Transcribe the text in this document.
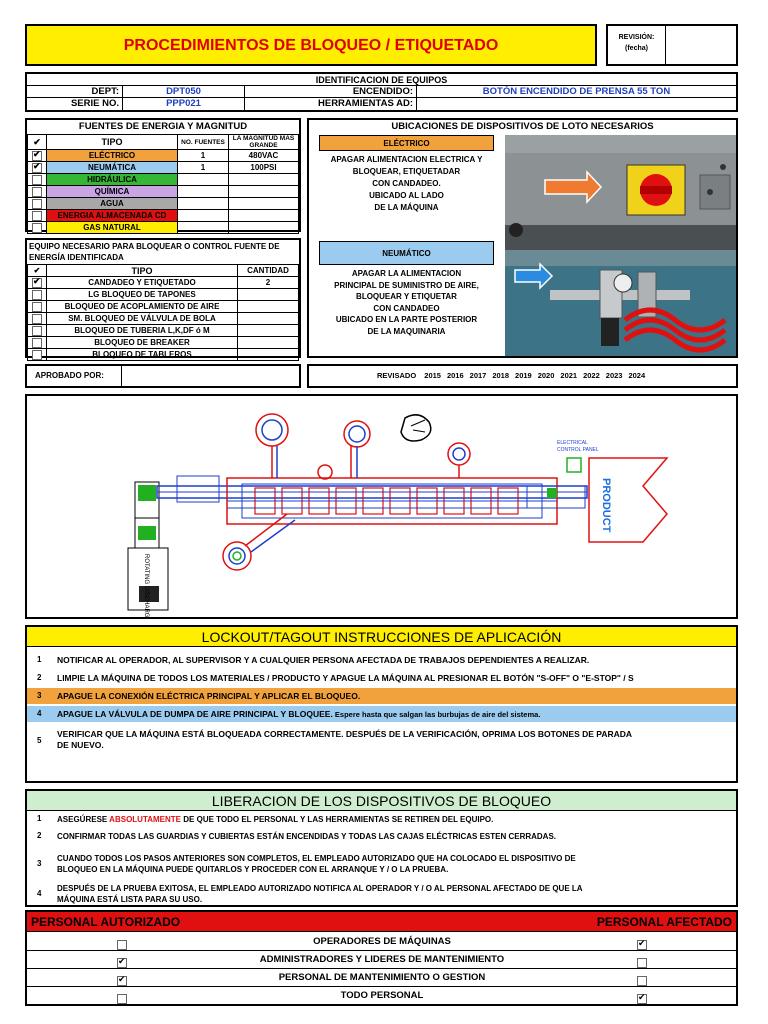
PROCEDIMIENTOS DE BLOQUEO / ETIQUETADO	REVISIÓN:
(fecha)
IDENTIFICACION DE EQUIPOS
DEPT:	DPT050	ENCENDIDO:	BOTÓN ENCENDIDO DE PRENSA 55 TON
SERIE NO.	PPP021	HERRAMIENTAS AD:
FUENTES DE ENERGIA Y MAGNITUD
✔	TIPO	NO. FUENTES	LA MAGNITUD MAS GRANDE

✔	ELÉCTRICO	1	480VAC

✔	NEUMÁTICA	1	100PSI
	HIDRÁULICA		
	QUÍMICA		
	AGUA		
	ENERGIA ALMACENADA CD		
	GAS NATURAL		
EQUIPO NECESARIO PARA BLOQUEAR O CONTROL FUENTE DE ENERGÍA IDENTIFICADA
✔	TIPO	CANTIDAD

✔	CANDADEO Y ETIQUETADO	2
	LG BLOQUEO DE TAPONES	
	BLOQUEO DE ACOPLAMIENTO DE AIRE	
	SM. BLOQUEO DE VÁLVULA DE BOLA	
	BLOQUEO DE TUBERIA L,K,DF ó M	
	BLOQUEO DE BREAKER	
	BLOQUEO DE TABLEROS	
UBICACIONES DE DISPOSITIVOS DE LOTO NECESARIOS
ELÉCTRICO
APAGAR ALIMENTACION ELECTRICA Y
BLOQUEAR, ETIQUETADAR
CON CANDADEO.
UBICADO AL LADO
DE LA MÁQUINA
NEUMÁTICO
APAGAR LA ALIMENTACION
PRINCIPAL DE SUMINISTRO DE AIRE,
BLOQUEAR Y ETIQUETAR
CON CANDADEO
UBICADO EN LA PARTE POSTERIOR
DE LA MAQUINARIA
APROBADO POR:	REVISADO 2015 2016 2017 2018 2019 2020 2021 2022 2023 2024
ROTATING DISCHARGE
ELECTRICAL
CONTROL PANEL
PRODUCT
LOCKOUT/TAGOUT INSTRUCCIONES DE APLICACIÓN
1 NOTIFICAR AL OPERADOR, AL SUPERVISOR Y A CUALQUIER PERSONA AFECTADA DE TRABAJOS DEPENDIENTES A REALIZAR.
2 LIMPIE LA MÁQUINA DE TODOS LOS MATERIALES / PRODUCTO Y APAGUE LA MÁQUINA AL PRESIONAR EL BOTÓN "S-OFF" O "E-STOP" / S
3 APAGUE LA CONEXIÓN ELÉCTRICA PRINCIPAL Y APLICAR EL BLOQUEO.
4 APAGUE LA VÁLVULA DE DUMPA DE AIRE PRINCIPAL Y BLOQUEE. Espere hasta que salgan las burbujas de aire del sistema.
5
VERIFICAR QUE LA MÁQUINA ESTÁ BLOQUEADA CORRECTAMENTE. DESPUÉS DE LA VERIFICACIÓN, OPRIMA LOS BOTONES DE PARADA
DE NUEVO.
LIBERACION DE LOS DISPOSITIVOS DE BLOQUEO
1 ASEGÚRESE ABSOLUTAMENTE DE QUE TODO EL PERSONAL Y LAS HERRAMIENTAS SE RETIREN DEL EQUIPO.
2 CONFIRMAR TODAS LAS GUARDIAS Y CUBIERTAS ESTÁN ENCENDIDAS Y TODAS LAS CAJAS ELÉCTRICAS ESTEN CERRADAS.
3
CUANDO TODOS LOS PASOS ANTERIORES SON COMPLETOS, EL EMPLEADO AUTORIZADO QUE HA COLOCADO EL DISPOSITIVO DE
BLOQUEO EN LA MÁQUINA PUEDE QUITARLOS Y PROCEDER CON EL ARRANQUE Y / O LA PRUEBA.
4
DESPUÉS DE LA PRUEBA EXITOSA, EL EMPLEADO AUTORIZADO NOTIFICA AL OPERADOR Y / O AL PERSONAL AFECTADO DE QUE LA
MÁQUINA ESTÁ LISTA PARA SU USO.
PERSONAL AUTORIZADO	PERSONAL AFECTADO
OPERADORES DE MÁQUINAS	✔
✔	ADMINISTRADORES Y LIDERES DE MANTENIMIENTO
✔	PERSONAL DE MANTENIMIENTO O GESTION
TODO PERSONAL	✔
